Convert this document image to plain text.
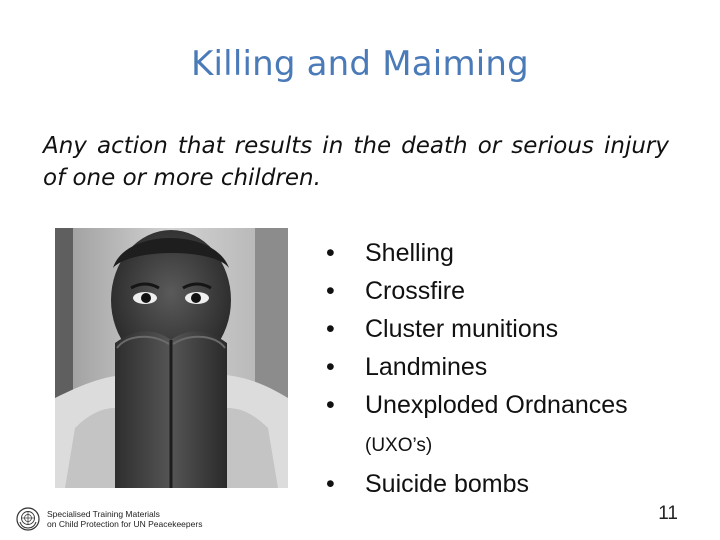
Killing and Maiming
Any action that results in the death or serious injury of one or more children.
• Shelling
• Crossfire
• Cluster munitions
• Landmines
• Unexploded Ordnances (UXO’s)
• Suicide bombs
Specialised Training Materials
on Child Protection for UN Peacekeepers	11
